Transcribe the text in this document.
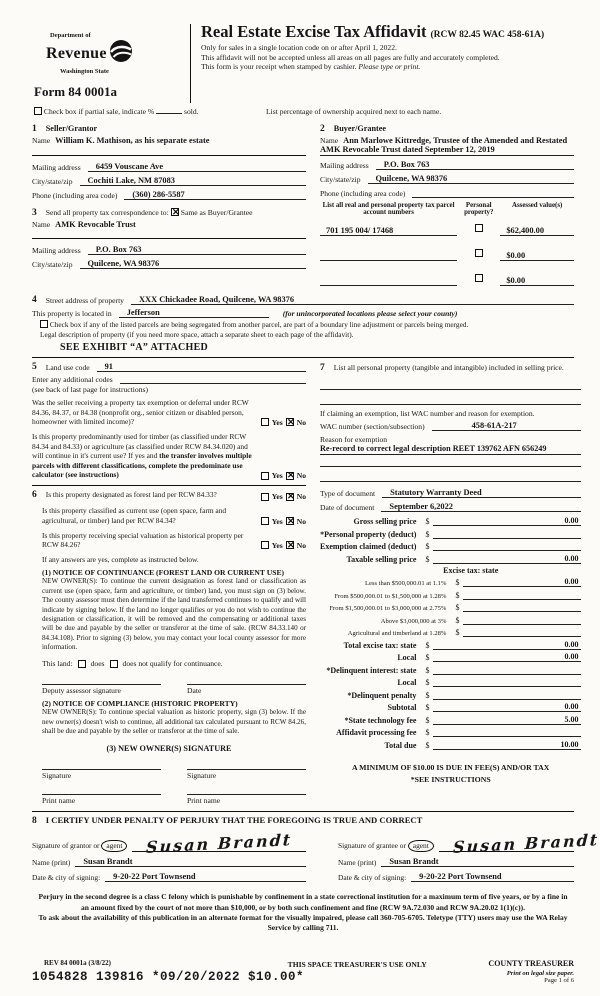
Department of
Revenue
Washington State
Form 84 0001a
Real Estate Excise Tax Affidavit (RCW 82.45 WAC 458-61A)
Only for sales in a single location code on or after April 1, 2022.
This affidavit will not be accepted unless all areas on all pages are fully and accurately completed.
This form is your receipt when stamped by cashier. Please type or print.
Check box if partial sale, indicate %	sold.	List percentage of ownership acquired next to each name.
1 Seller/Grantor
Name William K. Mathison, as his separate estate
Mailing address	6459 Vouscane Ave
City/state/zip	Cochiti Lake, NM 87083
Phone (including area code)	(360) 286-5587
3 Send all property tax correspondence to: ✕ Same as Buyer/Grantee
Name AMK Revocable Trust
Mailing address	P.O. Box 763
City/state/zip	Quilcene, WA 98376
2 Buyer/Grantee
Name Ann Marlowe Kittredge, Trustee of the Amended and Restated
AMK Revocable Trust dated September 12, 2019
Mailing address	P.O. Box 763
City/state/zip	Quilcene, WA 98376
Phone (including area code)
List all real and personal property tax parcel account numbers
Personal property?
Assessed value(s)
701 195 004/ 17468	$62,400.00
$0.00
$0.00
4 Street address of property	XXX Chickadee Road, Quilcene, WA 98376
This property is located in	Jefferson	(for unincorporated locations please select your county)
Check box if any of the listed parcels are being segregated from another parcel, are part of a boundary line adjustment or parcels being merged.
Legal description of property (if you need more space, attach a separate sheet to each page of the affidavit).
SEE EXHIBIT “A” ATTACHED
5 Land use code	91
Enter any additional codes
(see back of last page for instructions)
Was the seller receiving a property tax exemption or deferral under RCW 84.36, 84.37, or 84.38 (nonprofit org., senior citizen or disabled person, homeowner with limited income)?	Yes ✕ No
Is this property predominantly used for timber (as classified under RCW 84.34 and 84.33) or agriculture (as classified under RCW 84.34.020) and will continue in it's current use? If yes and the transfer involves multiple parcels with different classifications, complete the predominate use calculator (see instructions)	Yes ✕ No
6 Is this property designated as forest land per RCW 84.33?	Yes ✕ No
Is this property classified as current use (open space, farm and agricultural, or timber) land per RCW 84.34?	Yes ✕ No
Is this property receiving special valuation as historical property per RCW 84.26?	Yes ✕ No
If any answers are yes, complete as instructed below.
(1) NOTICE OF CONTINUANCE (FOREST LAND OR CURRENT USE)
NEW OWNER(S): To continue the current designation as forest land or classification as current use (open space, farm and agriculture, or timber) land, you must sign on (3) below. The county assessor must then determine if the land transferred continues to qualify and will indicate by signing below. If the land no longer qualifies or you do not wish to continue the designation or classification, it will be removed and the compensating or additional taxes will be due and payable by the seller or transferor at the time of sale. (RCW 84.33.140 or 84.34.108). Prior to signing (3) below, you may contact your local county assessor for more information.
This land: does does not qualify for continuance.
Deputy assessor signature	Date
(2) NOTICE OF COMPLIANCE (HISTORIC PROPERTY)
NEW OWNER(S): To continue special valuation as historic property, sign (3) below. If the new owner(s) doesn't wish to continue, all additional tax calculated pursuant to RCW 84.26, shall be due and payable by the seller or transferor at the time of sale.
(3) NEW OWNER(S) SIGNATURE
Signature	Signature
Print name	Print name
7 List all personal property (tangible and intangible) included in selling price.
If claiming an exemption, list WAC number and reason for exemption.
WAC number (section/subsection)	458-61A-217
Reason for exemption
Re-record to correct legal description REET 139762 AFN 656249
Type of document	Statutory Warranty Deed
Date of document	September 6,2022
Gross selling price	$	0.00
*Personal property (deduct)	$
Exemption claimed (deduct)	$
Taxable selling price	$	0.00
Excise tax: state
Less than $500,000.01 at 1.1%	$	0.00
From $500,000.01 to $1,500,000 at 1.28%	$
From $1,500,000.01 to $3,000,000 at 2.75%	$
Above $3,000,000 at 3%	$
Agricultural and timberland at 1.28%	$
Total excise tax: state	$	0.00
Local	$	0.00
*Delinquent interest: state	$
Local	$
*Delinquent penalty	$
Subtotal	$	0.00
*State technology fee	$	5.00
Affidavit processing fee	$
Total due	$	10.00
A MINIMUM OF $10.00 IS DUE IN FEE(S) AND/OR TAX
*SEE INSTRUCTIONS
8 I CERTIFY UNDER PENALTY OF PERJURY THAT THE FOREGOING IS TRUE AND CORRECT
Signature of grantor or agent	Susan Brandt
Name (print)	Susan Brandt
Date & city of signing:	9-20-22 Port Townsend
Signature of grantee or agent	Susan Brandt
Name (print)	Susan Brandt
Date & city of signing:	9-20-22 Port Townsend
Perjury in the second degree is a class C felony which is punishable by confinement in a state correctional institution for a maximum term of five years, or by a fine in an amount fixed by the court of not more than $10,000, or by both such confinement and fine (RCW 9A.72.030 and RCW 9A.20.02 1(1)(c)).
To ask about the availability of this publication in an alternate format for the visually impaired, please call 360-705-6705. Teletype (TTY) users may use the WA Relay Service by calling 711.
REV 84 0001a (3/8/22)
1054828 139816 *09/20/2022 $10.00*
THIS SPACE TREASURER'S USE ONLY	COUNTY TREASURER
Print on legal size paper.
Page 1 of 6
